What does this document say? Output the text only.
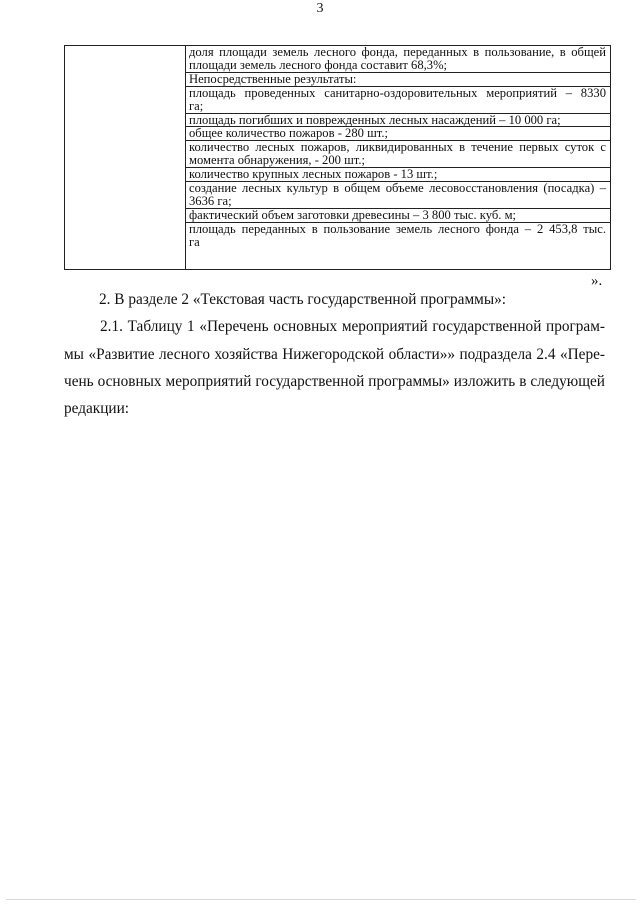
3

доля площади земель лесного фонда, переданных в пользование, в общей
площади земель лесного фонда составит 68,3%;
Непосредственные результаты:
площадь проведенных санитарно-оздоровительных мероприятий – 8330
га;
площадь погибших и поврежденных лесных насаждений – 10 000 га;
общее количество пожаров - 280 шт.;
количество лесных пожаров, ликвидированных в течение первых суток с
момента обнаружения, - 200 шт.;
количество крупных лесных пожаров - 13 шт.;
создание лесных культур в общем объеме лесовосстановления (посадка) –
3636 га;
фактический объем заготовки древесины – 3 800 тыс. куб. м;
площадь переданных в пользование земель лесного фонда – 2 453,8 тыс.
га
».
2. В разделе 2 «Текстовая часть государственной программы»:
2.1. Таблицу 1 «Перечень основных мероприятий государственной програм-
мы «Развитие лесного хозяйства Нижегородской области»» подраздела 2.4 «Пере-
чень основных мероприятий государственной программы» изложить в следующей
редакции:
